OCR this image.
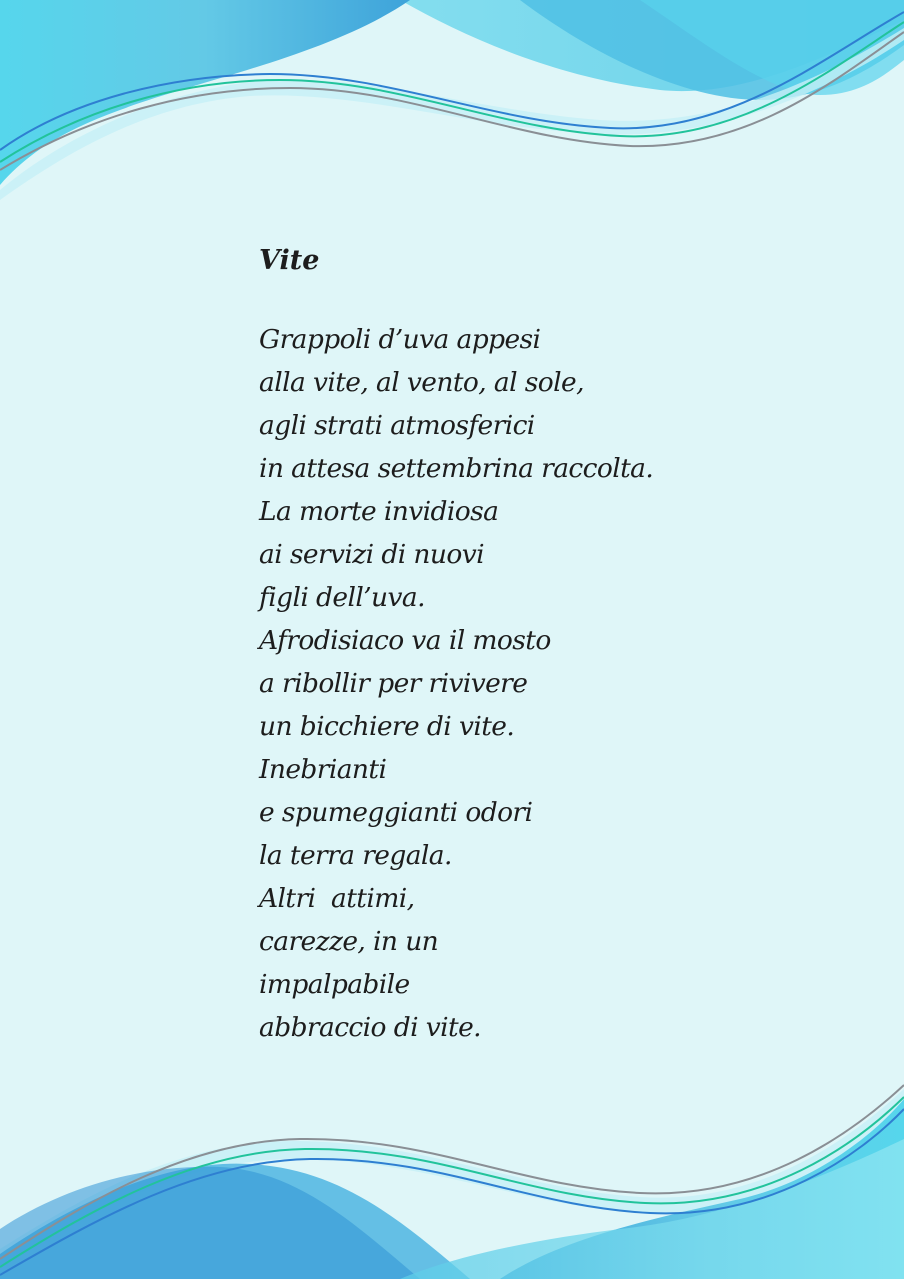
Vite
Grappoli d’uva appesi
alla vite, al vento, al sole,
agli strati atmosferici
in attesa settembrina raccolta.
La morte invidiosa
ai servizi di nuovi
figli dell’uva.
Afrodisiaco va il mosto
a ribollir per rivivere
un bicchiere di vite.
Inebrianti
e spumeggianti odori
la terra regala.
Altri  attimi,
carezze, in un
impalpabile
abbraccio di vite.
